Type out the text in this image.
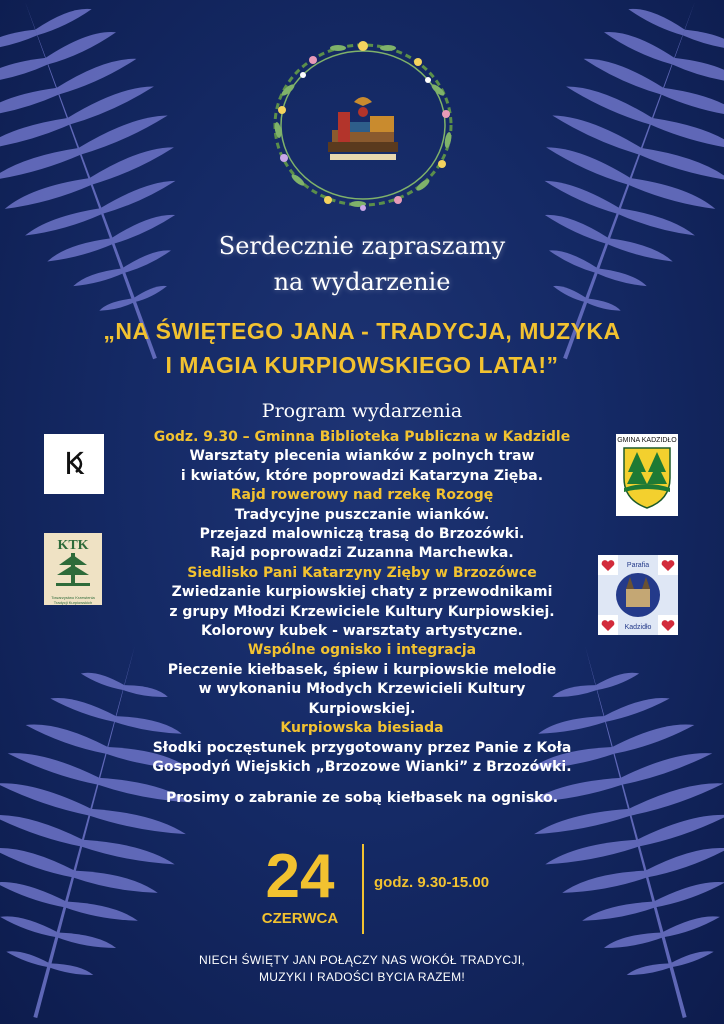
Serdecznie zapraszamy
na wydarzenie
„NA ŚWIĘTEGO JANA - TRADYCJA, MUZYKA
I MAGIA KURPIOWSKIEGO LATA!”
Program wydarzenia
Godz. 9.30 – Gminna Biblioteka Publiczna w Kadzidle
Warsztaty plecenia wianków z polnych traw
i kwiatów, które poprowadzi Katarzyna Zięba.
Rajd rowerowy nad rzekę Rozogę
Tradycyjne puszczanie wianków.
Przejazd malowniczą trasą do Brzozówki.
Rajd poprowadzi Zuzanna Marchewka.
Siedlisko Pani Katarzyny Zięby w Brzozówce
Zwiedzanie kurpiowskiej chaty z przewodnikami
z grupy Młodzi Krzewiciele Kultury Kurpiowskiej.
Kolorowy kubek - warsztaty artystyczne.
Wspólne ognisko i integracja
Pieczenie kiełbasek, śpiew i kurpiowskie melodie
w wykonaniu Młodych Krzewicieli Kultury
Kurpiowskiej.
Kurpiowska biesiada
Słodki poczęstunek przygotowany przez Panie z Koła
Gospodyń Wiejskich „Brzozowe Wianki” z Brzozówki.
Prosimy o zabranie ze sobą kiełbasek na ognisko.
K
KTK
Towarzystwo Krzewienia Tradycji Kurpiowskich
GMINA KADZIDŁO
Parafia
Kadzidło
24
CZERWCA
godz. 9.30-15.00
NIECH ŚWIĘTY JAN POŁĄCZY NAS WOKÓŁ TRADYCJI,
MUZYKI I RADOŚCI BYCIA RAZEM!
